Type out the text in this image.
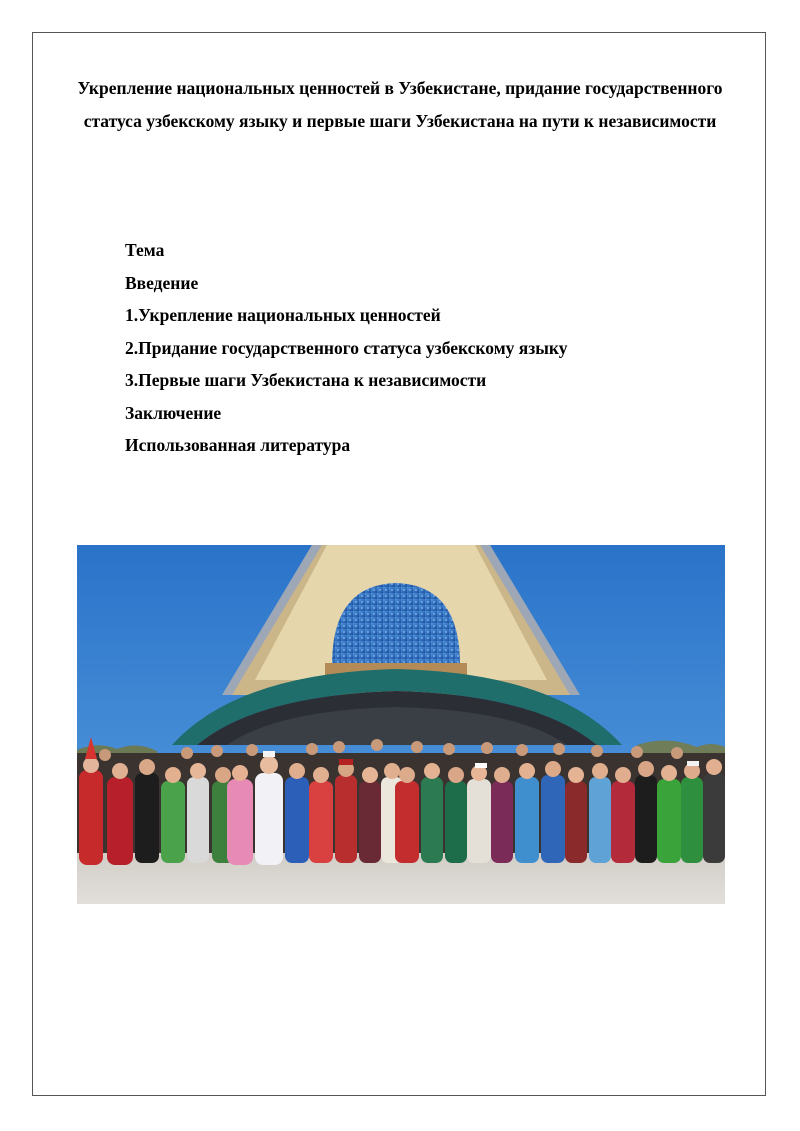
Укрепление национальных ценностей в Узбекистане, придание государственного статуса узбекскому языку и первые шаги Узбекистана на пути к независимости
Тема
Введение
1.Укрепление национальных ценностей
2.Придание государственного статуса узбекскому языку
3.Первые шаги Узбекистана к независимости
Заключение
Использованная литература
